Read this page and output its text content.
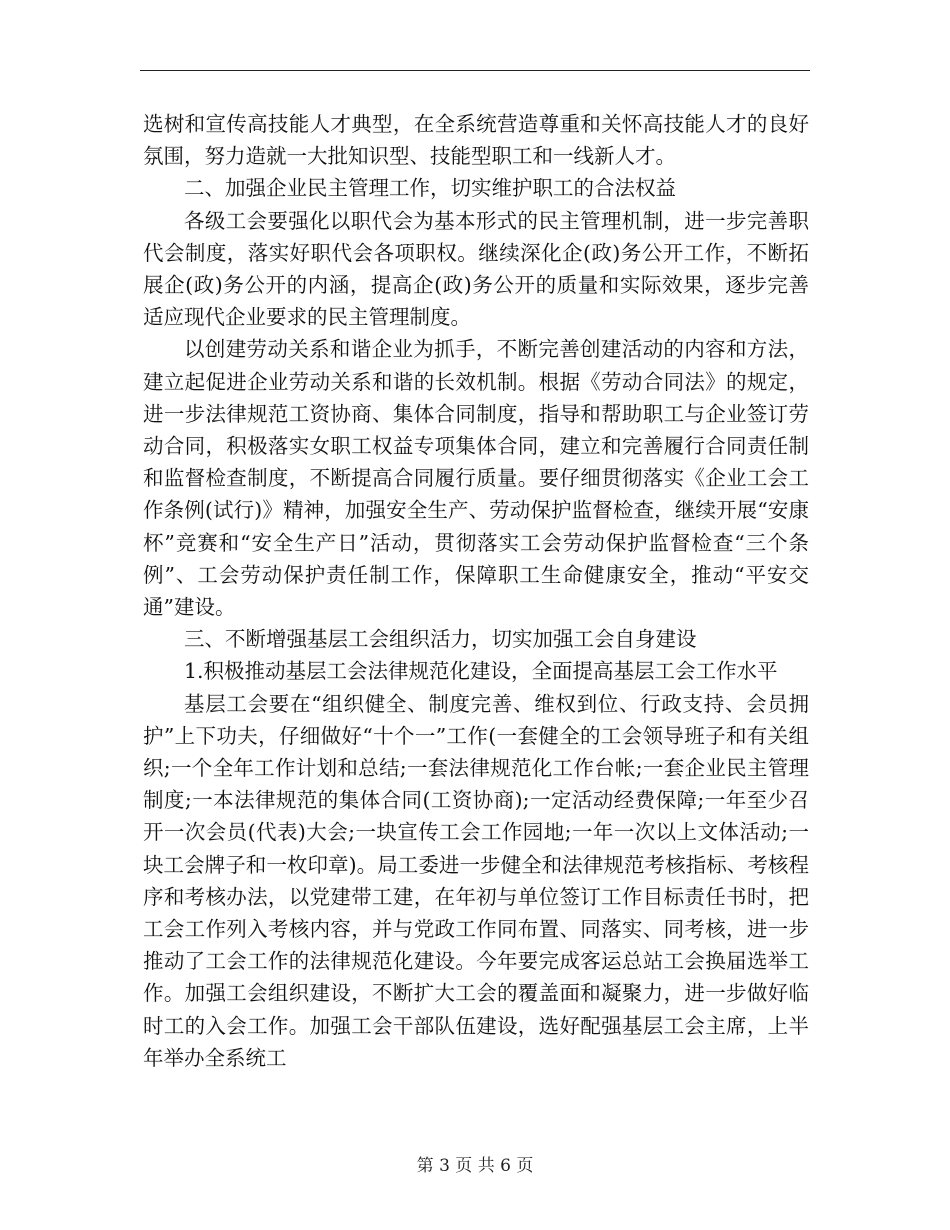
选树和宣传高技能人才典型，在全系统营造尊重和关怀高技能人才的良好氛围，努力造就一大批知识型、技能型职工和一线新人才。

二、加强企业民主管理工作，切实维护职工的合法权益

各级工会要强化以职代会为基本形式的民主管理机制，进一步完善职代会制度，落实好职代会各项职权。继续深化企(政)务公开工作，不断拓展企(政)务公开的内涵，提高企(政)务公开的质量和实际效果，逐步完善适应现代企业要求的民主管理制度。

以创建劳动关系和谐企业为抓手，不断完善创建活动的内容和方法，建立起促进企业劳动关系和谐的长效机制。根据《劳动合同法》的规定，进一步法律规范工资协商、集体合同制度，指导和帮助职工与企业签订劳动合同，积极落实女职工权益专项集体合同，建立和完善履行合同责任制和监督检查制度，不断提高合同履行质量。要仔细贯彻落实《企业工会工作条例(试行)》精神，加强安全生产、劳动保护监督检查，继续开展“安康杯”竞赛和“安全生产日”活动，贯彻落实工会劳动保护监督检查“三个条例”、工会劳动保护责任制工作，保障职工生命健康安全，推动“平安交通”建设。

三、不断增强基层工会组织活力，切实加强工会自身建设

1.积极推动基层工会法律规范化建设，全面提高基层工会工作水平

基层工会要在“组织健全、制度完善、维权到位、行政支持、会员拥护”上下功夫，仔细做好“十个一”工作(一套健全的工会领导班子和有关组织;一个全年工作计划和总结;一套法律规范化工作台帐;一套企业民主管理制度;一本法律规范的集体合同(工资协商);一定活动经费保障;一年至少召开一次会员(代表)大会;一块宣传工会工作园地;一年一次以上文体活动;一块工会牌子和一枚印章)。局工委进一步健全和法律规范考核指标、考核程序和考核办法，以党建带工建，在年初与单位签订工作目标责任书时，把工会工作列入考核内容，并与党政工作同布置、同落实、同考核，进一步推动了工会工作的法律规范化建设。今年要完成客运总站工会换届选举工作。加强工会组织建设，不断扩大工会的覆盖面和凝聚力，进一步做好临时工的入会工作。加强工会干部队伍建设，选好配强基层工会主席，上半年举办全系统工

第 3 页 共 6 页
